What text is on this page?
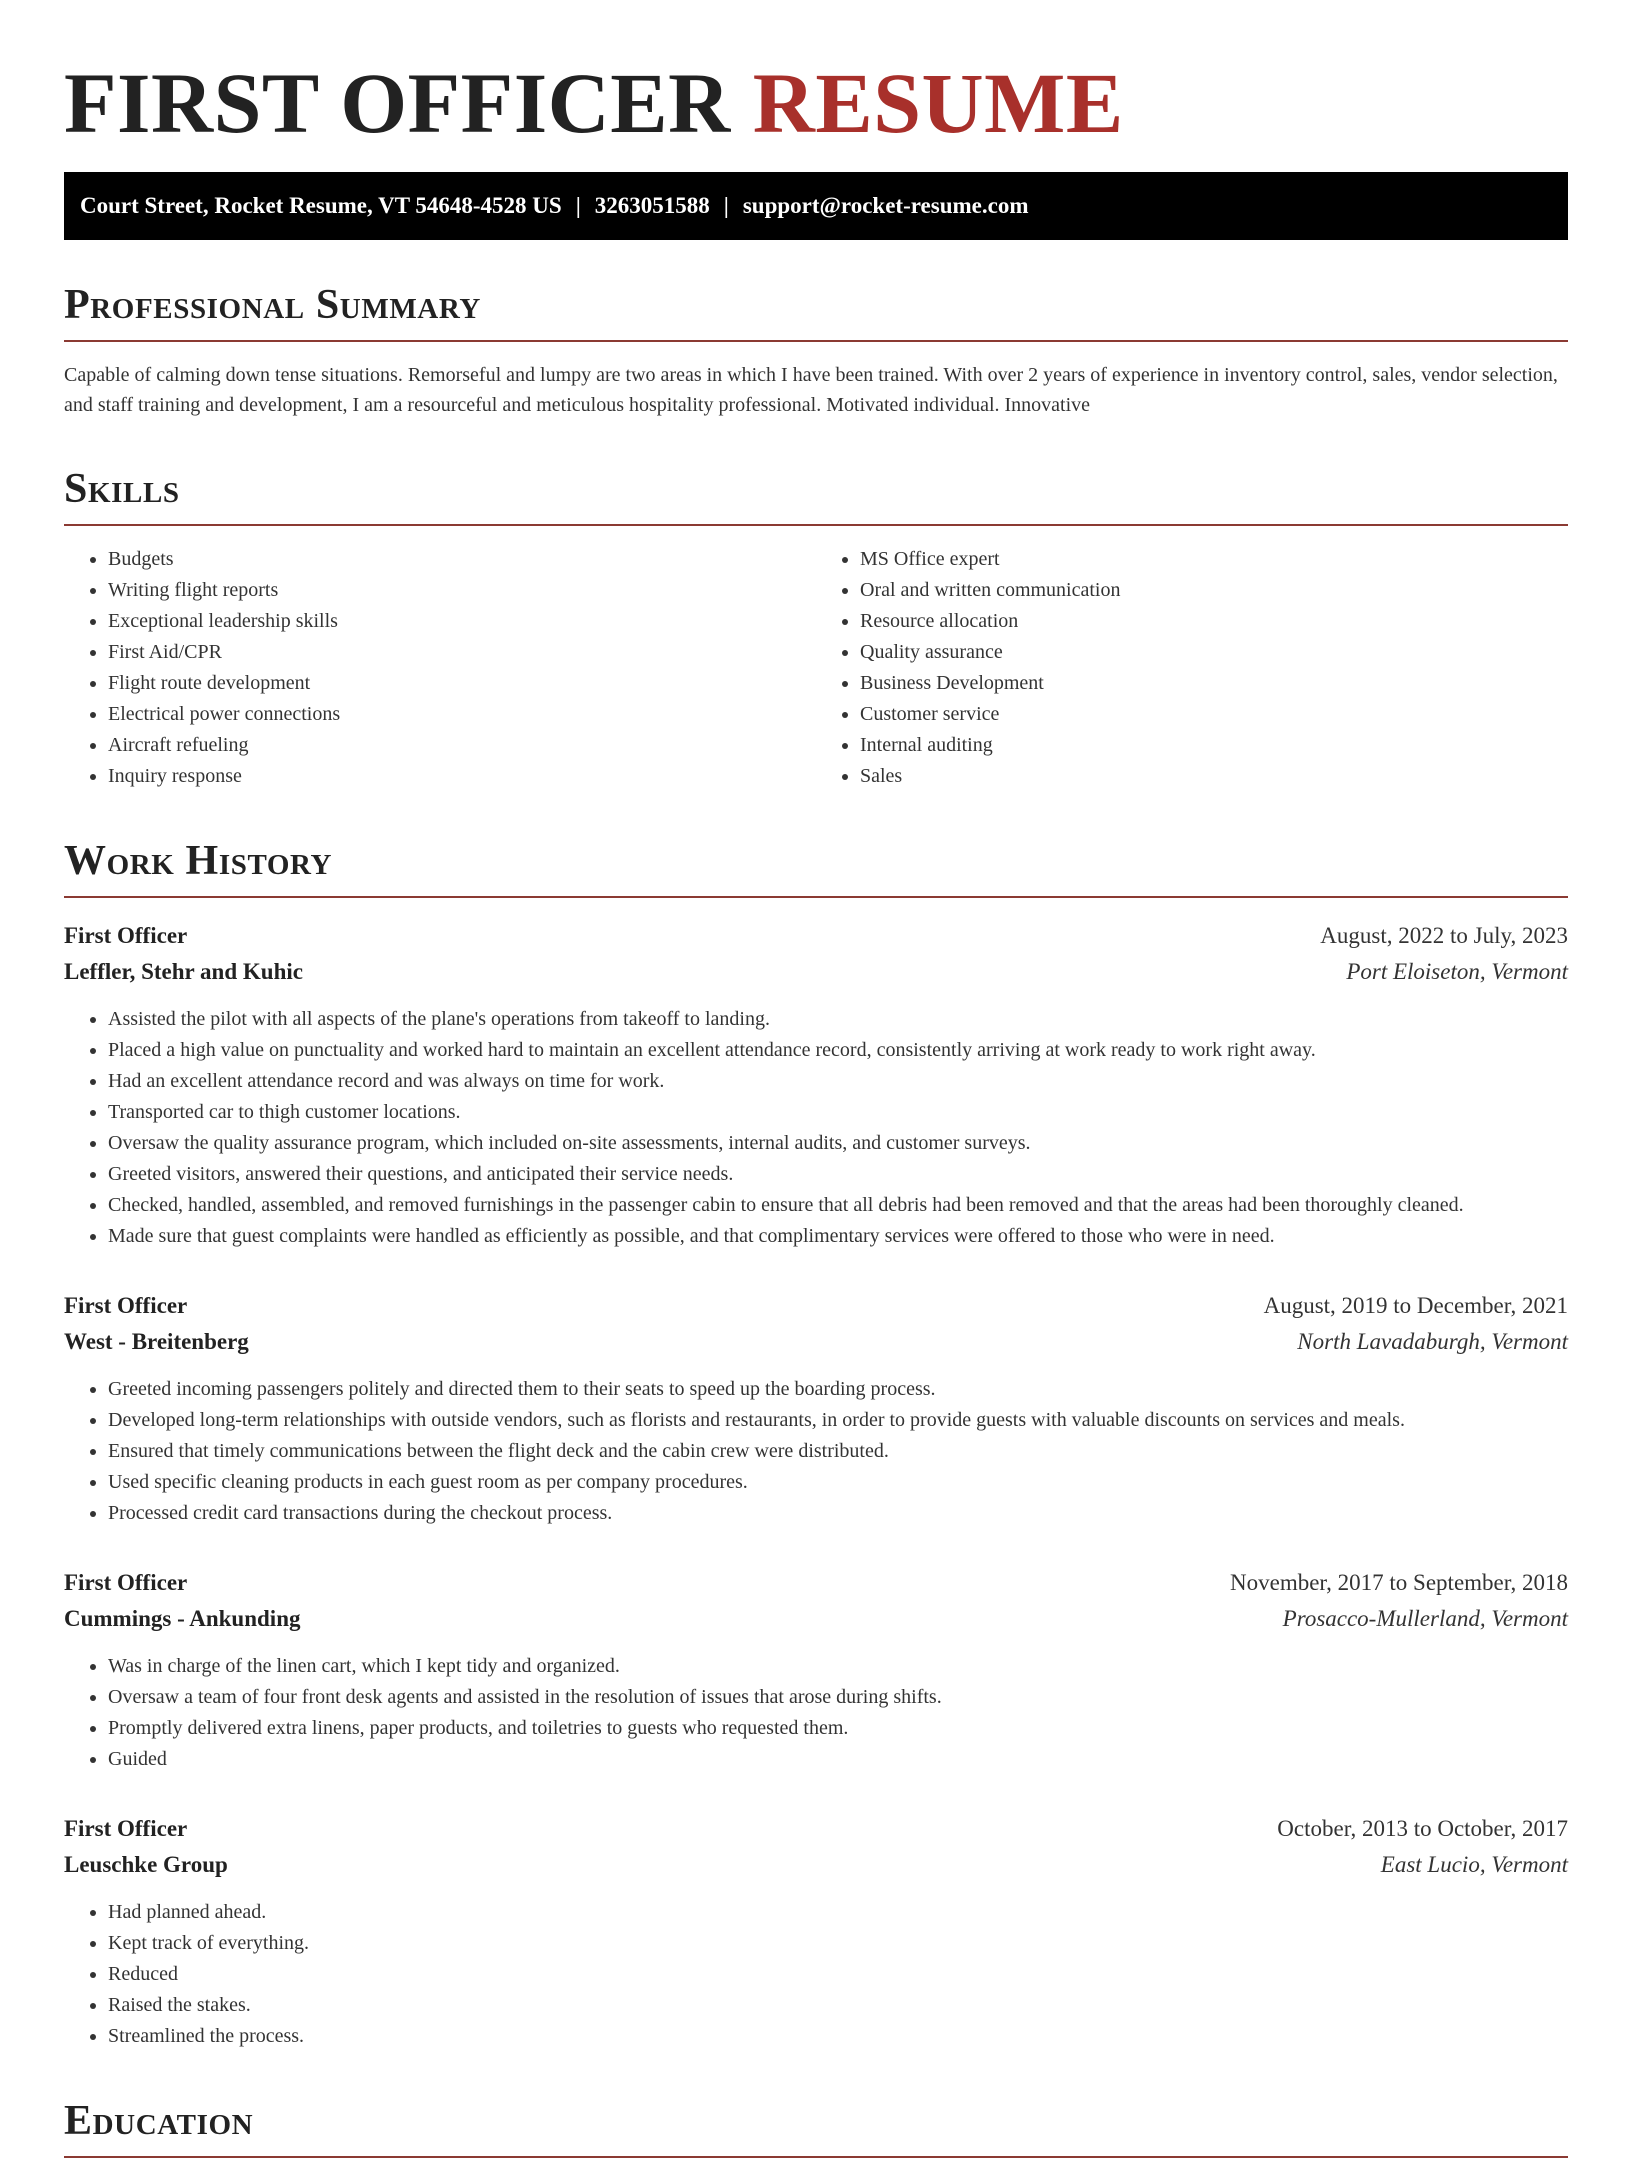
FIRST OFFICER RESUME
Court Street, Rocket Resume, VT 54648-4528 US | 3263051588 | support@rocket-resume.com
Professional Summary

Capable of calming down tense situations. Remorseful and lumpy are two areas in which I have been trained. With over 2 years of experience in inventory control, sales, vendor selection, and staff training and development, I am a resourceful and meticulous hospitality professional. Motivated individual. Innovative

Skills
• Budgets
• Writing flight reports
• Exceptional leadership skills
• First Aid/CPR
• Flight route development
• Electrical power connections
• Aircraft refueling
• Inquiry response
• MS Office expert
• Oral and written communication
• Resource allocation
• Quality assurance
• Business Development
• Customer service
• Internal auditing
• Sales
Work History
First Officer	August, 2022 to July, 2023
Leffler, Stehr and Kuhic	Port Eloiseton, Vermont
• Assisted the pilot with all aspects of the plane's operations from takeoff to landing.
• Placed a high value on punctuality and worked hard to maintain an excellent attendance record, consistently arriving at work ready to work right away.
• Had an excellent attendance record and was always on time for work.
• Transported car to thigh customer locations.
• Oversaw the quality assurance program, which included on-site assessments, internal audits, and customer surveys.
• Greeted visitors, answered their questions, and anticipated their service needs.
• Checked, handled, assembled, and removed furnishings in the passenger cabin to ensure that all debris had been removed and that the areas had been thoroughly cleaned.
• Made sure that guest complaints were handled as efficiently as possible, and that complimentary services were offered to those who were in need.
First Officer	August, 2019 to December, 2021
West - Breitenberg	North Lavadaburgh, Vermont
• Greeted incoming passengers politely and directed them to their seats to speed up the boarding process.
• Developed long-term relationships with outside vendors, such as florists and restaurants, in order to provide guests with valuable discounts on services and meals.
• Ensured that timely communications between the flight deck and the cabin crew were distributed.
• Used specific cleaning products in each guest room as per company procedures.
• Processed credit card transactions during the checkout process.
First Officer	November, 2017 to September, 2018
Cummings - Ankunding	Prosacco-Mullerland, Vermont
• Was in charge of the linen cart, which I kept tidy and organized.
• Oversaw a team of four front desk agents and assisted in the resolution of issues that arose during shifts.
• Promptly delivered extra linens, paper products, and toiletries to guests who requested them.
• Guided
First Officer	October, 2013 to October, 2017
Leuschke Group	East Lucio, Vermont
• Had planned ahead.
• Kept track of everything.
• Reduced
• Raised the stakes.
• Streamlined the process.
Education
